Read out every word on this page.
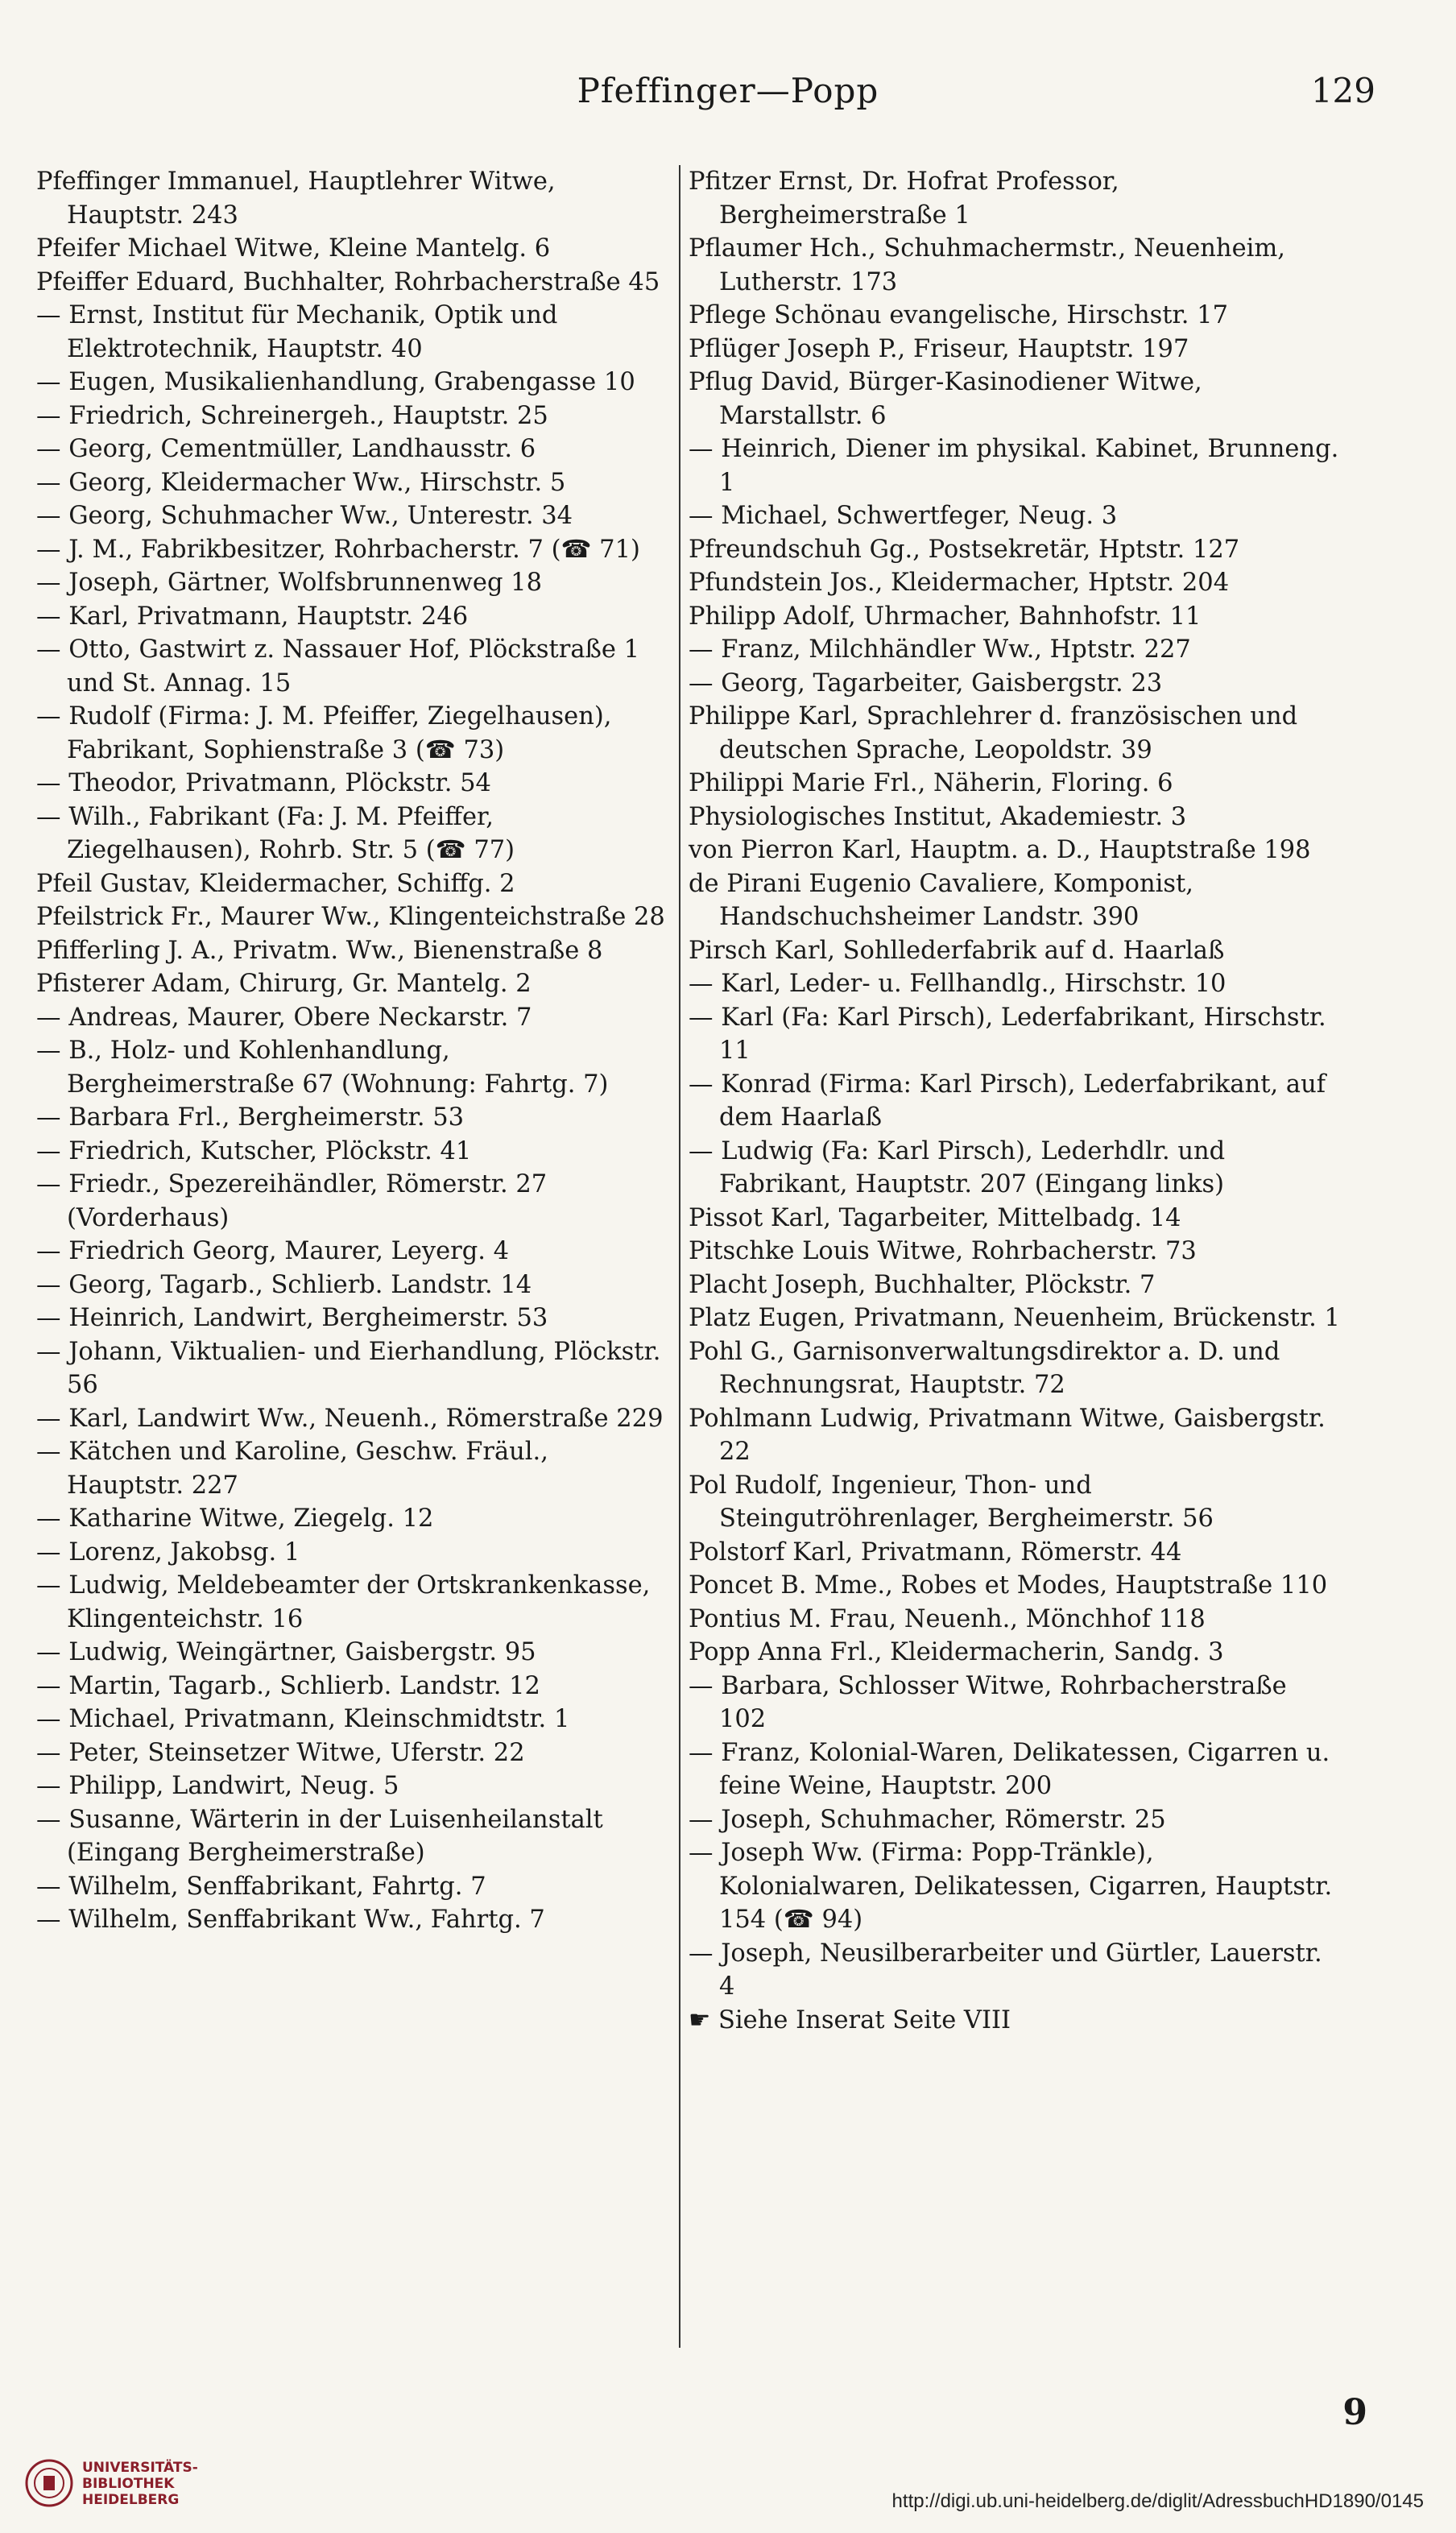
Pfeffinger—Popp	129
Pfeffinger Immanuel, Hauptlehrer Witwe, Hauptstr. 243
Pfeifer Michael Witwe, Kleine Mantelg. 6
Pfeiffer Eduard, Buchhalter, Rohrbacherstraße 45
— Ernst, Institut für Mechanik, Optik und Elektrotechnik, Hauptstr. 40
— Eugen, Musikalienhandlung, Grabengasse 10
— Friedrich, Schreinergeh., Hauptstr. 25
— Georg, Cementmüller, Landhausstr. 6
— Georg, Kleidermacher Ww., Hirschstr. 5
— Georg, Schuhmacher Ww., Unterestr. 34
— J. M., Fabrikbesitzer, Rohrbacherstr. 7 (☎ 71)
— Joseph, Gärtner, Wolfsbrunnenweg 18
— Karl, Privatmann, Hauptstr. 246
— Otto, Gastwirt z. Nassauer Hof, Plöckstraße 1 und St. Annag. 15
— Rudolf (Firma: J. M. Pfeiffer, Ziegelhausen), Fabrikant, Sophienstraße 3 (☎ 73)
— Theodor, Privatmann, Plöckstr. 54
— Wilh., Fabrikant (Fa: J. M. Pfeiffer, Ziegelhausen), Rohrb. Str. 5 (☎ 77)
Pfeil Gustav, Kleidermacher, Schiffg. 2
Pfeilstrick Fr., Maurer Ww., Klingenteichstraße 28
Pfifferling J. A., Privatm. Ww., Bienenstraße 8
Pfisterer Adam, Chirurg, Gr. Mantelg. 2
— Andreas, Maurer, Obere Neckarstr. 7
— B., Holz- und Kohlenhandlung, Bergheimerstraße 67 (Wohnung: Fahrtg. 7)
— Barbara Frl., Bergheimerstr. 53
— Friedrich, Kutscher, Plöckstr. 41
— Friedr., Spezereihändler, Römerstr. 27 (Vorderhaus)
— Friedrich Georg, Maurer, Leyerg. 4
— Georg, Tagarb., Schlierb. Landstr. 14
— Heinrich, Landwirt, Bergheimerstr. 53
— Johann, Viktualien- und Eierhandlung, Plöckstr. 56
— Karl, Landwirt Ww., Neuenh., Römerstraße 229
— Kätchen und Karoline, Geschw. Fräul., Hauptstr. 227
— Katharine Witwe, Ziegelg. 12
— Lorenz, Jakobsg. 1
— Ludwig, Meldebeamter der Ortskrankenkasse, Klingenteichstr. 16
— Ludwig, Weingärtner, Gaisbergstr. 95
— Martin, Tagarb., Schlierb. Landstr. 12
— Michael, Privatmann, Kleinschmidtstr. 1
— Peter, Steinsetzer Witwe, Uferstr. 22
— Philipp, Landwirt, Neug. 5
— Susanne, Wärterin in der Luisenheilanstalt (Eingang Bergheimerstraße)
— Wilhelm, Senffabrikant, Fahrtg. 7
— Wilhelm, Senffabrikant Ww., Fahrtg. 7
Pfitzer Ernst, Dr. Hofrat Professor, Bergheimerstraße 1
Pflaumer Hch., Schuhmachermstr., Neuenheim, Lutherstr. 173
Pflege Schönau evangelische, Hirschstr. 17
Pflüger Joseph P., Friseur, Hauptstr. 197
Pflug David, Bürger-Kasinodiener Witwe, Marstallstr. 6
— Heinrich, Diener im physikal. Kabinet, Brunneng. 1
— Michael, Schwertfeger, Neug. 3
Pfreundschuh Gg., Postsekretär, Hptstr. 127
Pfundstein Jos., Kleidermacher, Hptstr. 204
Philipp Adolf, Uhrmacher, Bahnhofstr. 11
— Franz, Milchhändler Ww., Hptstr. 227
— Georg, Tagarbeiter, Gaisbergstr. 23
Philippe Karl, Sprachlehrer d. französischen und deutschen Sprache, Leopoldstr. 39
Philippi Marie Frl., Näherin, Floring. 6
Physiologisches Institut, Akademiestr. 3
von Pierron Karl, Hauptm. a. D., Hauptstraße 198
de Pirani Eugenio Cavaliere, Komponist, Handschuchsheimer Landstr. 390
Pirsch Karl, Sohllederfabrik auf d. Haarlaß
— Karl, Leder- u. Fellhandlg., Hirschstr. 10
— Karl (Fa: Karl Pirsch), Lederfabrikant, Hirschstr. 11
— Konrad (Firma: Karl Pirsch), Lederfabrikant, auf dem Haarlaß
— Ludwig (Fa: Karl Pirsch), Lederhdlr. und Fabrikant, Hauptstr. 207 (Eingang links)
Pissot Karl, Tagarbeiter, Mittelbadg. 14
Pitschke Louis Witwe, Rohrbacherstr. 73
Placht Joseph, Buchhalter, Plöckstr. 7
Platz Eugen, Privatmann, Neuenheim, Brückenstr. 1
Pohl G., Garnisonverwaltungsdirektor a. D. und Rechnungsrat, Hauptstr. 72
Pohlmann Ludwig, Privatmann Witwe, Gaisbergstr. 22
Pol Rudolf, Ingenieur, Thon- und Steingutröhrenlager, Bergheimerstr. 56
Polstorf Karl, Privatmann, Römerstr. 44
Poncet B. Mme., Robes et Modes, Hauptstraße 110
Pontius M. Frau, Neuenh., Mönchhof 118
Popp Anna Frl., Kleidermacherin, Sandg. 3
— Barbara, Schlosser Witwe, Rohrbacherstraße 102
— Franz, Kolonial-Waren, Delikatessen, Cigarren u. feine Weine, Hauptstr. 200
— Joseph, Schuhmacher, Römerstr. 25
— Joseph Ww. (Firma: Popp-Tränkle), Kolonialwaren, Delikatessen, Cigarren, Hauptstr. 154 (☎ 94)
— Joseph, Neusilberarbeiter und Gürtler, Lauerstr. 4
☛ Siehe Inserat Seite VIII
9
UNIVERSITÄTS-
BIBLIOTHEK
HEIDELBERG	http://digi.ub.uni-heidelberg.de/diglit/AdressbuchHD1890/0145
